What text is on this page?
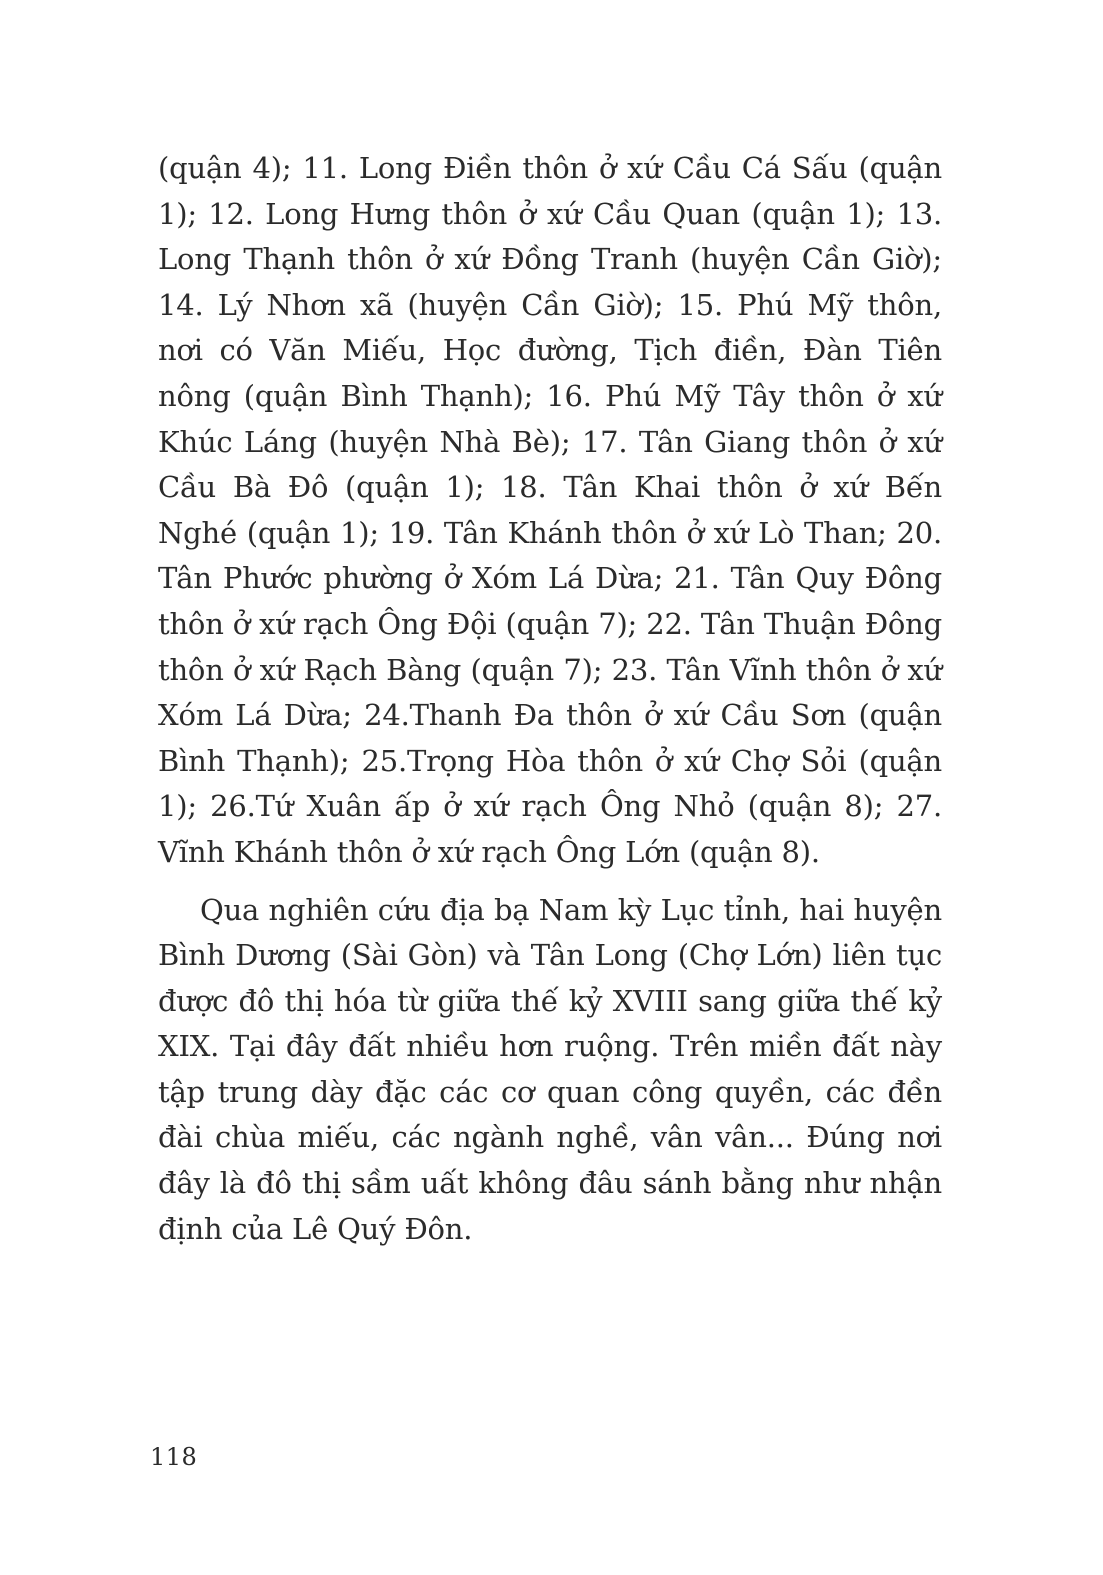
(quận 4); 11. Long Điền thôn ở xứ Cầu Cá Sấu (quận 1); 12. Long Hưng thôn ở xứ Cầu Quan (quận 1); 13. Long Thạnh thôn ở xứ Đồng Tranh (huyện Cần Giờ); 14. Lý Nhơn xã (huyện Cần Giờ); 15. Phú Mỹ thôn, nơi có Văn Miếu, Học đường, Tịch điền, Đàn Tiên nông (quận Bình Thạnh); 16. Phú Mỹ Tây thôn ở xứ Khúc Láng (huyện Nhà Bè); 17. Tân Giang thôn ở xứ Cầu Bà Đô (quận 1); 18. Tân Khai thôn ở xứ Bến Nghé (quận 1); 19. Tân Khánh thôn ở xứ Lò Than; 20. Tân Phước phường ở Xóm Lá Dừa; 21. Tân Quy Đông thôn ở xứ rạch Ông Đội (quận 7); 22. Tân Thuận Đông thôn ở xứ Rạch Bàng (quận 7); 23. Tân Vĩnh thôn ở xứ Xóm Lá Dừa; 24.Thanh Đa thôn ở xứ Cầu Sơn (quận Bình Thạnh); 25.Trọng Hòa thôn ở xứ Chợ Sỏi (quận 1); 26.Tứ Xuân ấp ở xứ rạch Ông Nhỏ (quận 8); 27. Vĩnh Khánh thôn ở xứ rạch Ông Lớn (quận 8).

Qua nghiên cứu địa bạ Nam kỳ Lục tỉnh, hai huyện Bình Dương (Sài Gòn) và Tân Long (Chợ Lớn) liên tục được đô thị hóa từ giữa thế kỷ XVIII sang giữa thế kỷ XIX. Tại đây đất nhiều hơn ruộng. Trên miền đất này tập trung dày đặc các cơ quan công quyền, các đền đài chùa miếu, các ngành nghề, vân vân... Đúng nơi đây là đô thị sầm uất không đâu sánh bằng như nhận định của Lê Quý Đôn.

118
